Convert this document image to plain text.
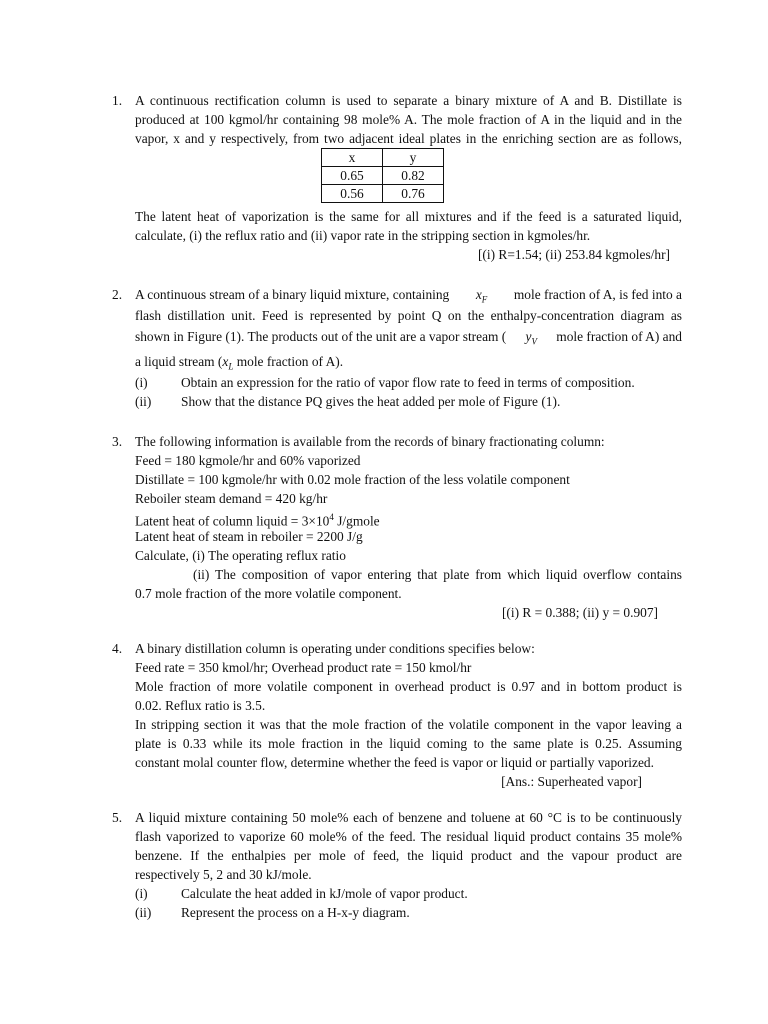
1. A continuous rectification column is used to separate a binary mixture of A and B. Distillate is
produced at 100 kgmol/hr containing 98 mole% A. The mole fraction of A in the liquid and in the
vapor, x and y respectively, from two adjacent ideal plates in the enriching section are as follows,
x	y
0.65	0.82
0.56	0.76
The latent heat of vaporization is the same for all mixtures and if the feed is a saturated liquid,
calculate, (i) the reflux ratio and (ii) vapor rate in the stripping section in kgmoles/hr.
[(i) R=1.54; (ii) 253.84 kgmoles/hr]
2. A continuous stream of a binary liquid mixture, containing $x_F$ mole fraction of A, is fed into a
flash distillation unit. Feed is represented by point Q on the enthalpy-concentration diagram as
shown in Figure (1). The products out of the unit are a vapor stream ( $y_V$ mole fraction of A) and
a liquid stream ($x_L$ mole fraction of A).
(i)	Obtain an expression for the ratio of vapor flow rate to feed in terms of composition.
(ii)	Show that the distance PQ gives the heat added per mole of Figure (1).
3. The following information is available from the records of binary fractionating column:
Feed = 180 kgmole/hr and 60% vaporized
Distillate = 100 kgmole/hr with 0.02 mole fraction of the less volatile component
Reboiler steam demand = 420 kg/hr
Latent heat of column liquid = $3\times 10^4$ J/gmole
Latent heat of steam in reboiler = 2200 J/g
Calculate, (i) The operating reflux ratio
(ii) The composition of vapor entering that plate from which liquid overflow contains
0.7 mole fraction of the more volatile component.
[(i) R = 0.388; (ii) y = 0.907]
4. A binary distillation column is operating under conditions specifies below:
Feed rate = 350 kmol/hr; Overhead product rate = 150 kmol/hr
Mole fraction of more volatile component in overhead product is 0.97 and in bottom product is
0.02. Reflux ratio is 3.5.
In stripping section it was that the mole fraction of the volatile component in the vapor leaving a
plate is 0.33 while its mole fraction in the liquid coming to the same plate is 0.25. Assuming
constant molal counter flow, determine whether the feed is vapor or liquid or partially vaporized.
[Ans.: Superheated vapor]
5. A liquid mixture containing 50 mole% each of benzene and toluene at 60 °C is to be continuously
flash vaporized to vaporize 60 mole% of the feed. The residual liquid product contains 35 mole%
benzene. If the enthalpies per mole of feed, the liquid product and the vapour product are
respectively 5, 2 and 30 kJ/mole.
(i)	Calculate the heat added in kJ/mole of vapor product.
(ii)	Represent the process on a H-x-y diagram.
